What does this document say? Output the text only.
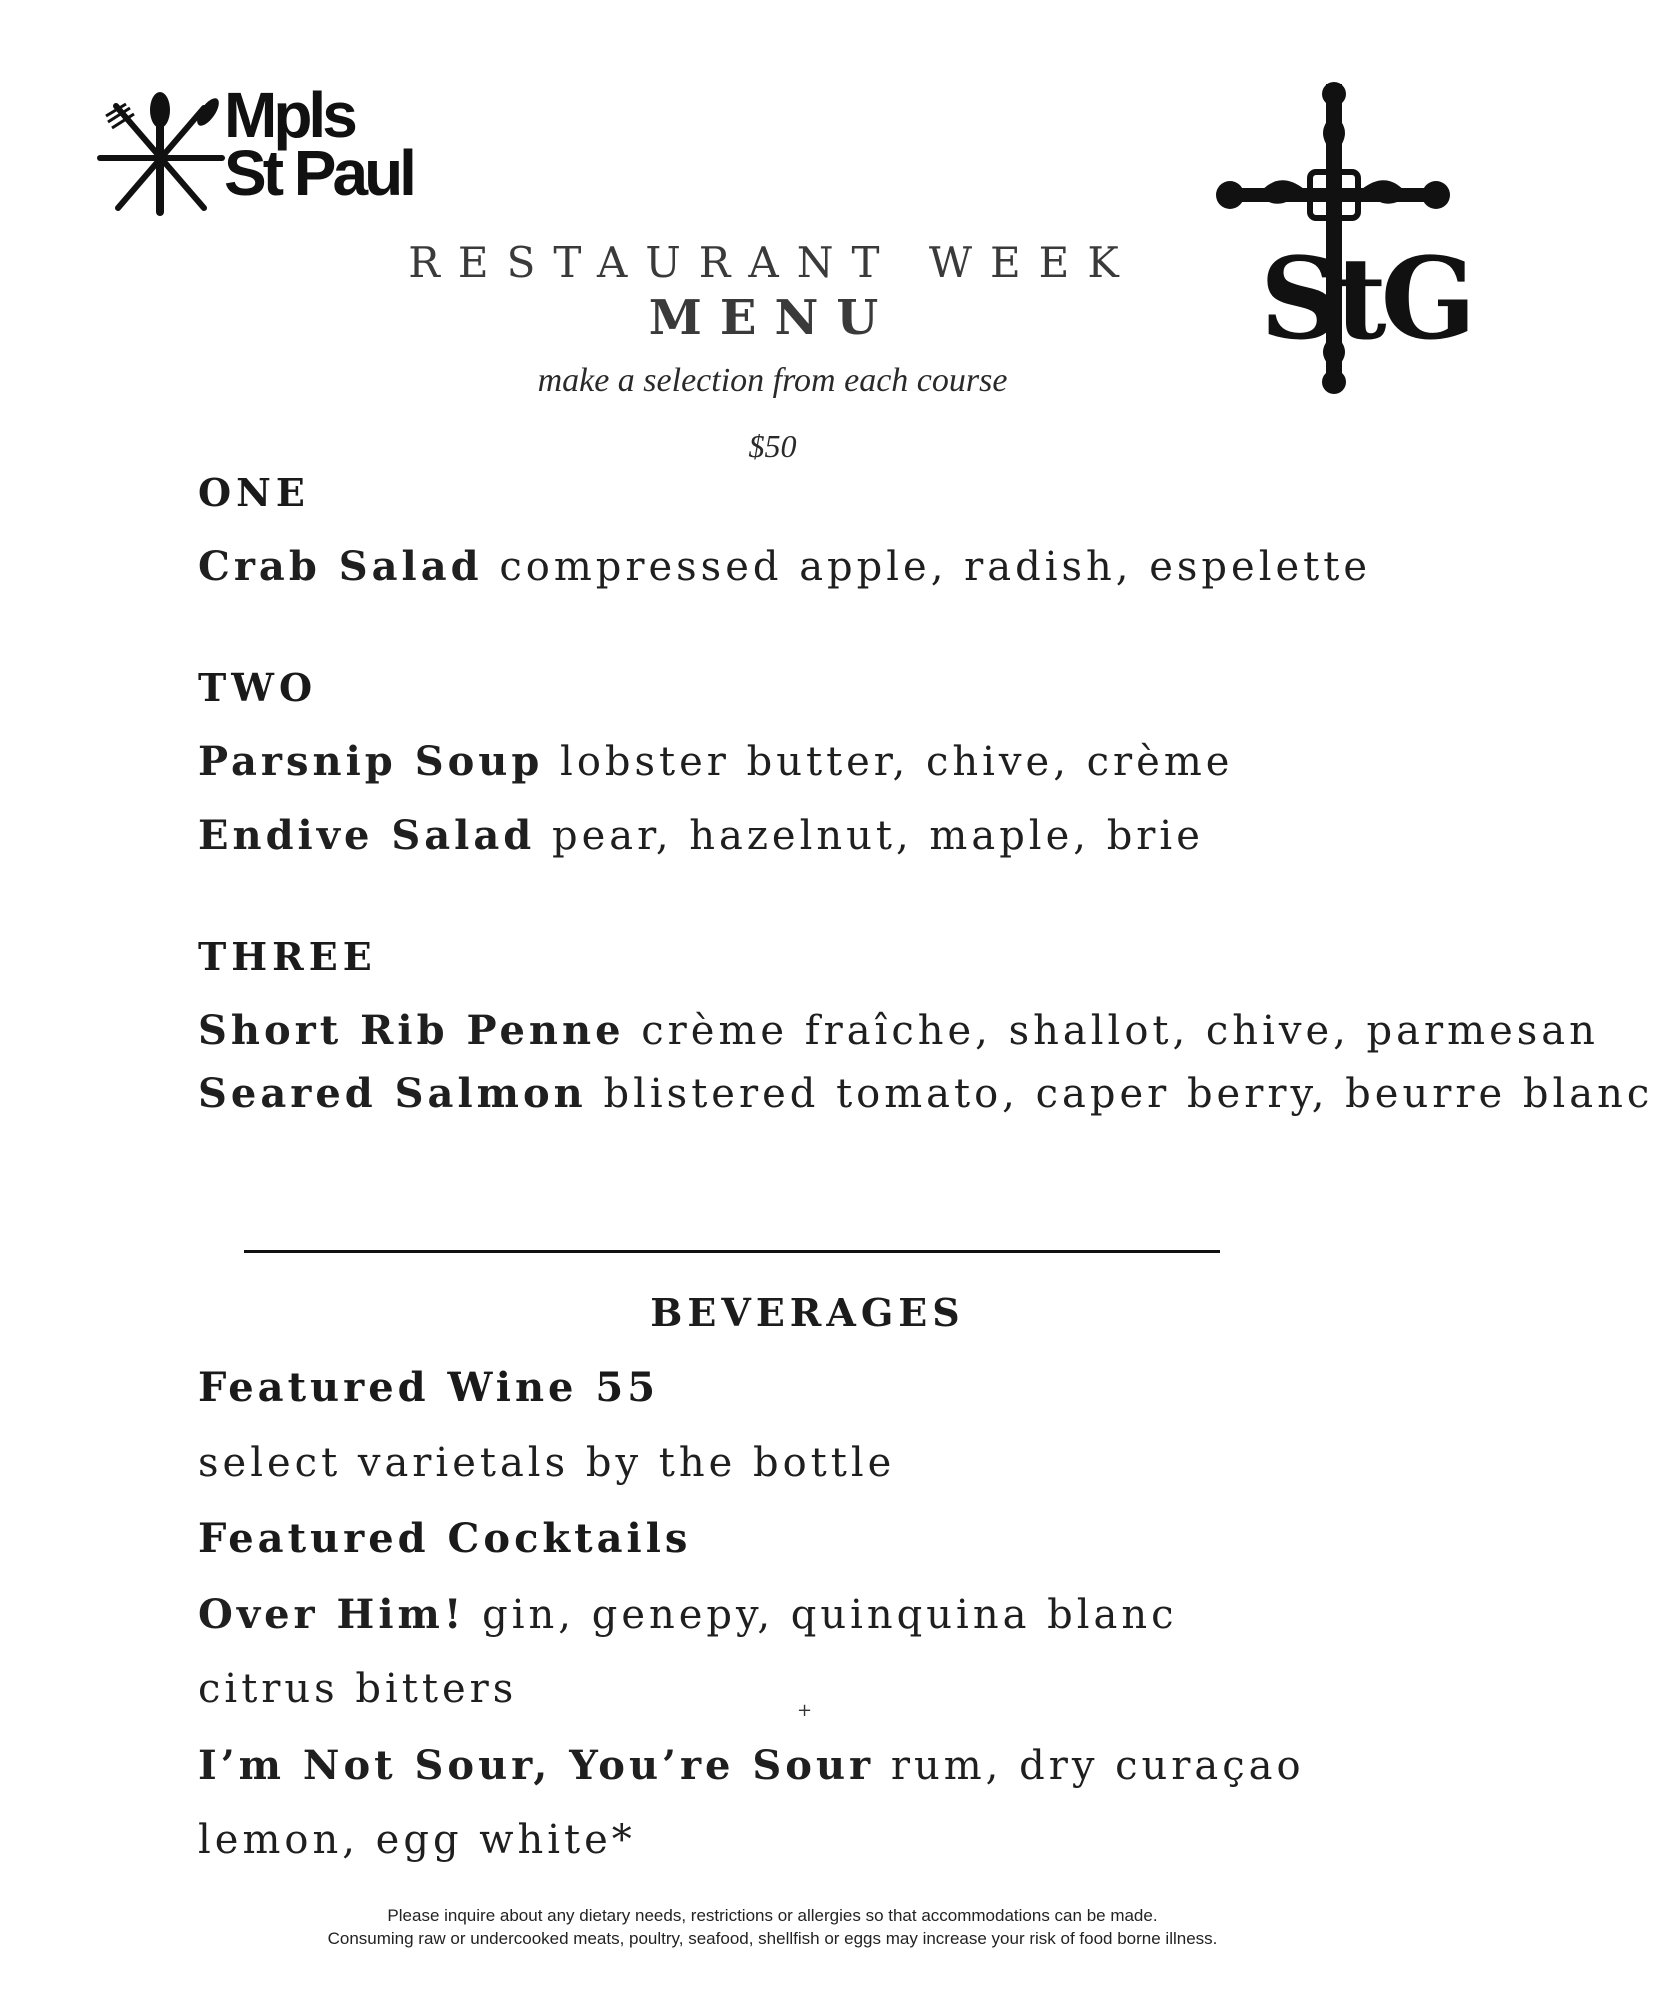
Mpls
St Paul
StG
RESTAURANT WEEK
MENU
make a selection from each course
$50
ONE
Crab Salad compressed apple, radish, espelette
TWO
Parsnip Soup lobster butter, chive, crème
Endive Salad pear, hazelnut, maple, brie
THREE
Short Rib Penne crème fraîche, shallot, chive, parmesan
Seared Salmon blistered tomato, caper berry, beurre blanc
BEVERAGES
Featured Wine 55
select varietals by the bottle
Featured Cocktails
Over Him! gin, genepy, quinquina blanc
citrus bitters	+
I’m Not Sour, You’re Sour rum, dry curaçao
lemon, egg white*
Please inquire about any dietary needs, restrictions or allergies so that accommodations can be made.
Consuming raw or undercooked meats, poultry, seafood, shellfish or eggs may increase your risk of food borne illness.
